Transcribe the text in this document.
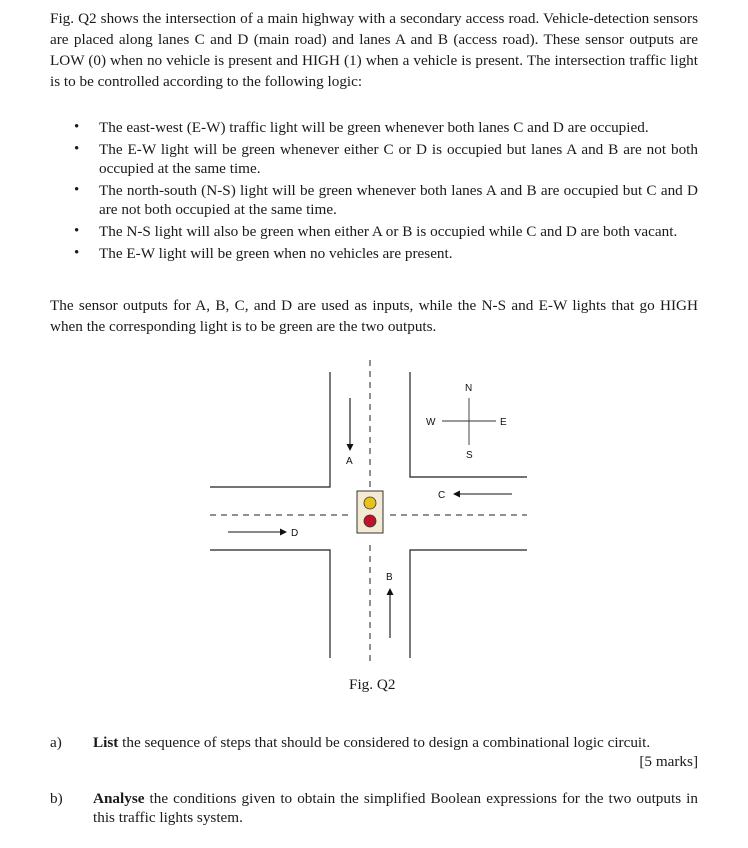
Fig. Q2 shows the intersection of a main highway with a secondary access road. Vehicle-detection sensors are placed along lanes C and D (main road) and lanes A and B (access road). These sensor outputs are LOW (0) when no vehicle is present and HIGH (1) when a vehicle is present. The intersection traffic light is to be controlled according to the following logic:

• The east-west (E-W) traffic light will be green whenever both lanes C and D are occupied.
• The E-W light will be green whenever either C or D is occupied but lanes A and B are not both occupied at the same time.
• The north-south (N-S) light will be green whenever both lanes A and B are occupied but C and D are not both occupied at the same time.
• The N-S light will also be green when either A or B is occupied while C and D are both vacant.
• The E-W light will be green when no vehicles are present.

The sensor outputs for A, B, C, and D are used as inputs, while the N-S and E-W lights that go HIGH when the corresponding light is to be green are the two outputs.

A
B
C
D
N
S
W	E
Fig. Q2
a) List the sequence of steps that should be considered to design a combinational logic circuit.
[5 marks]
b) Analyse the conditions given to obtain the simplified Boolean expressions for the two outputs in this traffic lights system.
